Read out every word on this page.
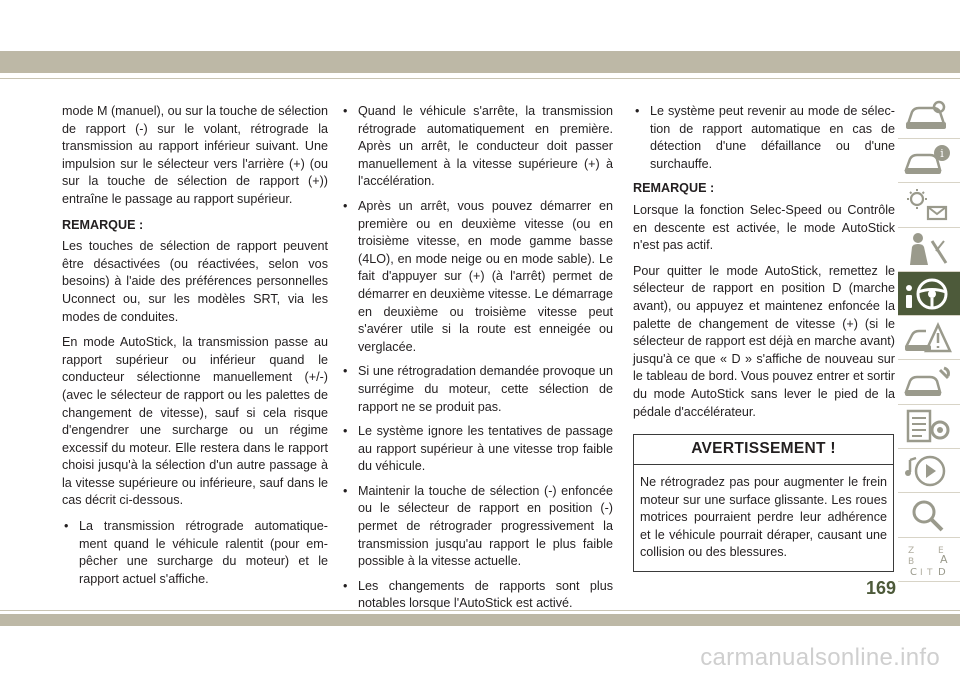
mode M (manuel), ou sur la touche de sélection de rapport (-) sur le volant, rétrograde la transmission au rapport inférieur suivant. Une impulsion sur le sélecteur vers l'arrière (+) (ou sur la touche de sélection de rapport (+)) entraîne le passage au rapport supérieur.

REMARQUE :

Les touches de sélection de rapport peuvent être désactivées (ou réactivées, selon vos besoins) à l'aide des préférences personnelles Uconnect ou, sur les modèles SRT, via les modes de conduites.

En mode AutoStick, la transmission passe au rapport supérieur ou inférieur quand le conducteur sélectionne manuellement (+/-) (avec le sélecteur de rapport ou les palettes de changement de vitesse), sauf si cela risque d'engendrer une surcharge ou un régime excessif du moteur. Elle restera dans le rapport choisi jusqu'à la sélection d'un autre passage à la vitesse supérieure ou inférieure, sauf dans le cas décrit ci-dessous.

• La transmission rétrograde automatiquement quand le véhicule ralentit (pour empêcher une surcharge du moteur) et le rapport actuel s'affiche.
• Quand le véhicule s'arrête, la transmission rétrograde automatiquement en première. Après un arrêt, le conducteur doit passer manuellement à la vitesse supérieure (+) à l'accélération.
• Après un arrêt, vous pouvez démarrer en première ou en deuxième vitesse (ou en troisième vitesse, en mode gamme basse (4LO), en mode neige ou en mode sable). Le fait d'appuyer sur (+) (à l'arrêt) permet de démarrer en deuxième vitesse. Le démarrage en deuxième ou troisième vitesse peut s'avérer utile si la route est enneigée ou verglacée.
• Si une rétrogradation demandée provoque un surrégime du moteur, cette sélection de rapport ne se produit pas.
• Le système ignore les tentatives de passage au rapport supérieur à une vitesse trop faible du véhicule.
• Maintenir la touche de sélection (-) enfoncée ou le sélecteur de rapport en position (-) permet de rétrograder progressivement la transmission jusqu'au rapport le plus faible possible à la vitesse actuelle.
• Les changements de rapports sont plus notables lorsque l'AutoStick est activé.
• Le système peut revenir au mode de sélection de rapport automatique en cas de détection d'une défaillance ou d'une surchauffe.

REMARQUE :

Lorsque la fonction Selec-Speed ou Contrôle en descente est activée, le mode AutoStick n'est pas actif.

Pour quitter le mode AutoStick, remettez le sélecteur de rapport en position D (marche avant), ou appuyez et maintenez enfoncée la palette de changement de vitesse (+) (si le sélecteur de rapport est déjà en marche avant) jusqu'à ce que « D » s'affiche de nouveau sur le tableau de bord. Vous pouvez entrer et sortir du mode AutoStick sans lever le pied de la pédale d'accélérateur.

AVERTISSEMENT !
Ne rétrogradez pas pour augmenter le frein moteur sur une surface glissante. Les roues motrices pourraient perdre leur adhérence et le véhicule pourrait déraper, causant une collision ou des blessures.
i
Z	E
B A
C D
I T
169
carmanualsonline.info
